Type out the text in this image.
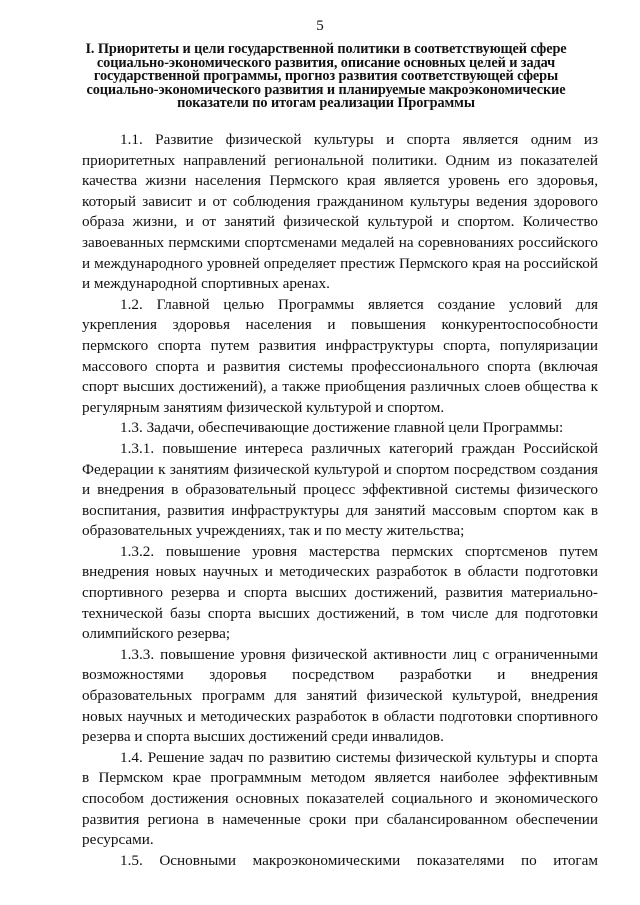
5
I. Приоритеты и цели государственной политики в соответствующей сфере социально-экономического развития, описание основных целей и задач государственной программы, прогноз развития соответствующей сферы социально-экономического развития и планируемые макроэкономические показатели по итогам реализации Программы

1.1. Развитие физической культуры и спорта является одним из приоритетных направлений региональной политики. Одним из показателей качества жизни населения Пермского края является уровень его здоровья, который зависит и от соблюдения гражданином культуры ведения здорового образа жизни, и от занятий физической культурой и спортом. Количество завоеванных пермскими спортсменами медалей на соревнованиях российского и международного уровней определяет престиж Пермского края на российской и международной спортивных аренах.

1.2. Главной целью Программы является создание условий для укрепления здоровья населения и повышения конкурентоспособности пермского спорта путем развития инфраструктуры спорта, популяризации массового спорта и развития системы профессионального спорта (включая спорт высших достижений), а также приобщения различных слоев общества к регулярным занятиям физической культурой и спортом.

1.3. Задачи, обеспечивающие достижение главной цели Программы:

1.3.1. повышение интереса различных категорий граждан Российской Федерации к занятиям физической культурой и спортом посредством создания и внедрения в образовательный процесс эффективной системы физического воспитания, развития инфраструктуры для занятий массовым спортом как в образовательных учреждениях, так и по месту жительства;

1.3.2. повышение уровня мастерства пермских спортсменов путем внедрения новых научных и методических разработок в области подготовки спортивного резерва и спорта высших достижений, развития материально-технической базы спорта высших достижений, в том числе для подготовки олимпийского резерва;

1.3.3. повышение уровня физической активности лиц с ограниченными возможностями здоровья посредством разработки и внедрения образовательных программ для занятий физической культурой, внедрения новых научных и методических разработок в области подготовки спортивного резерва и спорта высших достижений среди инвалидов.

1.4. Решение задач по развитию системы физической культуры и спорта в Пермском крае программным методом является наиболее эффективным способом достижения основных показателей социального и экономического развития региона в намеченные сроки при сбалансированном обеспечении ресурсами.

1.5. Основными макроэкономическими показателями по итогам
